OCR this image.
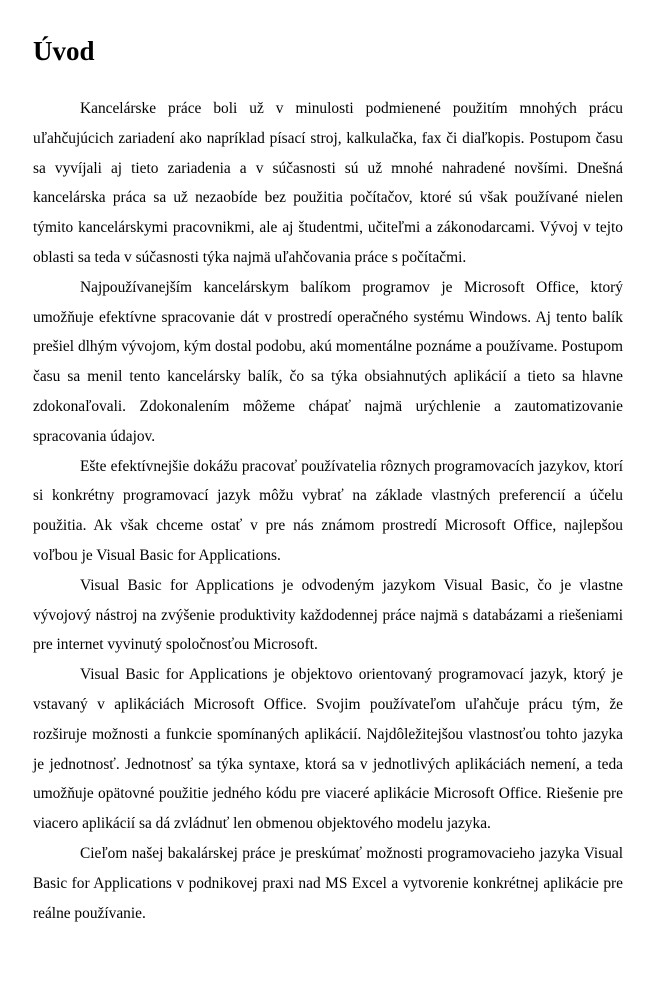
Úvod

Kancelárske práce boli už v minulosti podmienené použitím mnohých prácu uľahčujúcich zariadení ako napríklad písací stroj, kalkulačka, fax či diaľkopis. Postupom času sa vyvíjali aj tieto zariadenia a v súčasnosti sú už mnohé nahradené novšími. Dnešná kancelárska práca sa už nezaobíde bez použitia počítačov, ktoré sú však používané nielen týmito kancelárskymi pracovnikmi, ale aj študentmi, učiteľmi a zákonodarcami. Vývoj v tejto oblasti sa teda v súčasnosti týka najmä uľahčovania práce s počítačmi.

Najpoužívanejším kancelárskym balíkom programov je Microsoft Office, ktorý umožňuje efektívne spracovanie dát v prostredí operačného systému Windows. Aj tento balík prešiel dlhým vývojom, kým dostal podobu, akú momentálne poznáme a používame. Postupom času sa menil tento kancelársky balík, čo sa týka obsiahnutých aplikácií a tieto sa hlavne zdokonaľovali. Zdokonalením môžeme chápať najmä urýchlenie a zautomatizovanie spracovania údajov.

Ešte efektívnejšie dokážu pracovať používatelia rôznych programovacích jazykov, ktorí si konkrétny programovací jazyk môžu vybrať na základe vlastných preferencií a účelu použitia. Ak však chceme ostať v pre nás známom prostredí Microsoft Office, najlepšou voľbou je Visual Basic for Applications.

Visual Basic for Applications je odvodeným jazykom Visual Basic, čo je vlastne vývojový nástroj na zvýšenie produktivity každodennej práce najmä s databázami a riešeniami pre internet vyvinutý spoločnosťou Microsoft.

Visual Basic for Applications je objektovo orientovaný programovací jazyk, ktorý je vstavaný v aplikáciách Microsoft Office. Svojim používateľom uľahčuje prácu tým, že rozširuje možnosti a funkcie spomínaných aplikácií. Najdôležitejšou vlastnosťou tohto jazyka je jednotnosť. Jednotnosť sa týka syntaxe, ktorá sa v jednotlivých aplikáciách nemení, a teda umožňuje opätovné použitie jedného kódu pre viaceré aplikácie Microsoft Office. Riešenie pre viacero aplikácií sa dá zvládnuť len obmenou objektového modelu jazyka.

Cieľom našej bakalárskej práce je preskúmať možnosti programovacieho jazyka Visual Basic for Applications v podnikovej praxi nad MS Excel a vytvorenie konkrétnej aplikácie pre reálne používanie.
